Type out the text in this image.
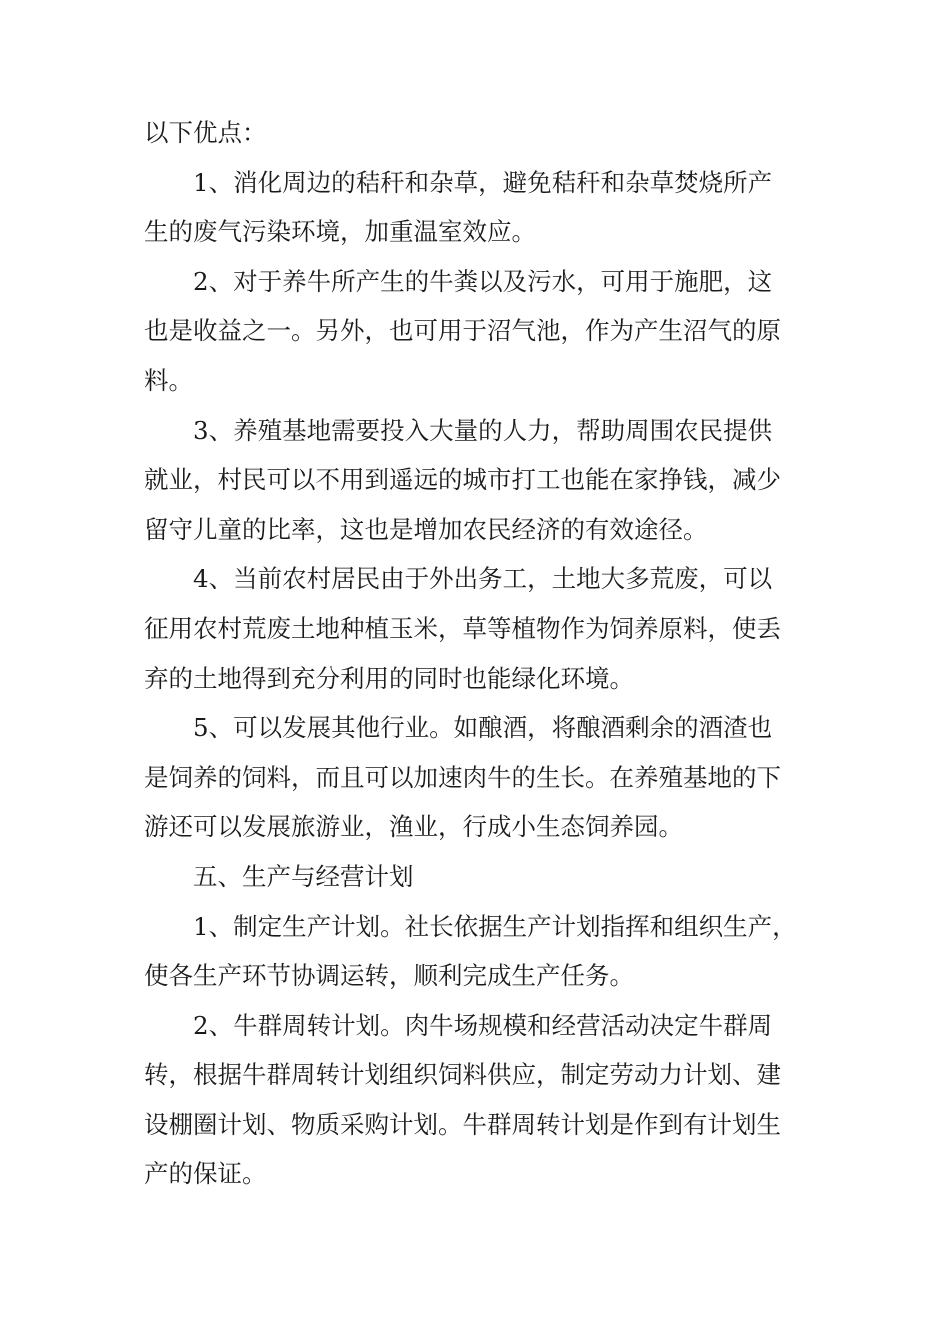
以下优点：
1、消化周边的秸秆和杂草，避免秸秆和杂草焚烧所产
生的废气污染环境，加重温室效应。
2、对于养牛所产生的牛粪以及污水，可用于施肥，这
也是收益之一。另外，也可用于沼气池，作为产生沼气的原
料。
3、养殖基地需要投入大量的人力，帮助周围农民提供
就业，村民可以不用到遥远的城市打工也能在家挣钱，减少
留守儿童的比率，这也是增加农民经济的有效途径。
4、当前农村居民由于外出务工，土地大多荒废，可以
征用农村荒废土地种植玉米，草等植物作为饲养原料，使丢
弃的土地得到充分利用的同时也能绿化环境。
5、可以发展其他行业。如酿酒，将酿酒剩余的酒渣也
是饲养的饲料，而且可以加速肉牛的生长。在养殖基地的下
游还可以发展旅游业，渔业，行成小生态饲养园。
五、生产与经营计划
1、制定生产计划。社长依据生产计划指挥和组织生产，
使各生产环节协调运转，顺利完成生产任务。
2、牛群周转计划。肉牛场规模和经营活动决定牛群周
转，根据牛群周转计划组织饲料供应，制定劳动力计划、建
设棚圈计划、物质采购计划。牛群周转计划是作到有计划生
产的保证。
